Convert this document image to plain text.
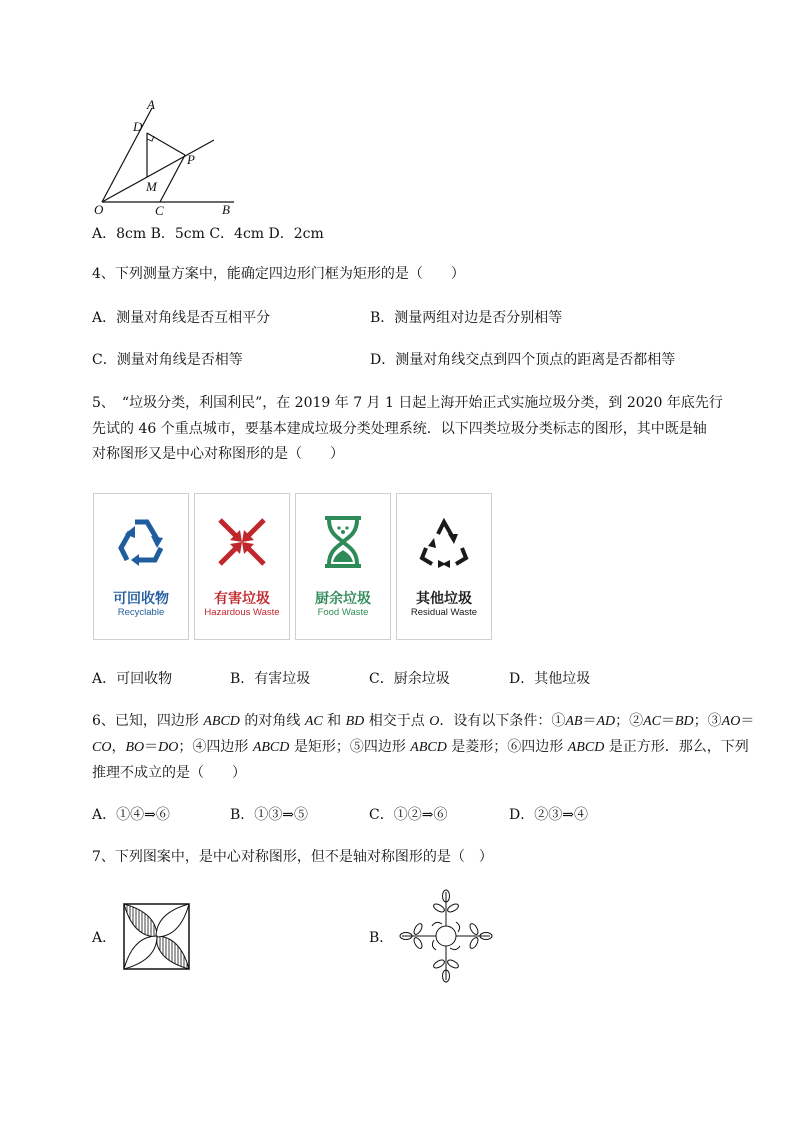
A
D
P
M
O	C	B
A．8cm B．5cm C．4cm D．2cm
4、下列测量方案中，能确定四边形门框为矩形的是（　　）
A．测量对角线是否互相平分	B．测量两组对边是否分别相等
C．测量对角线是否相等	D．测量对角线交点到四个顶点的距离是否都相等
5、　“垃圾分类，利国利民”，在 2019 年 7 月 1 日起上海开始正式实施垃圾分类，到 2020 年底先行
先试的 46 个重点城市，要基本建成垃圾分类处理系统．以下四类垃圾分类标志的图形，其中既是轴
对称图形又是中心对称图形的是（　　）
可回收物
Recyclable
有害垃圾
Hazardous Waste
厨余垃圾
Food Waste
其他垃圾
Residual Waste
A．可回收物	B．有害垃圾	C．厨余垃圾	D．其他垃圾
6、已知，四边形 ABCD 的对角线 AC 和 BD 相交于点 O．设有以下条件：①AB＝AD；②AC＝BD；③AO＝
CO，BO＝DO；④四边形 ABCD 是矩形；⑤四边形 ABCD 是菱形；⑥四边形 ABCD 是正方形．那么，下列
推理不成立的是（　　）
A．①④⇒⑥	B．①③⇒⑤	C．①②⇒⑥	D．②③⇒④
7、下列图案中，是中心对称图形，但不是轴对称图形的是（　）
A．	B．
